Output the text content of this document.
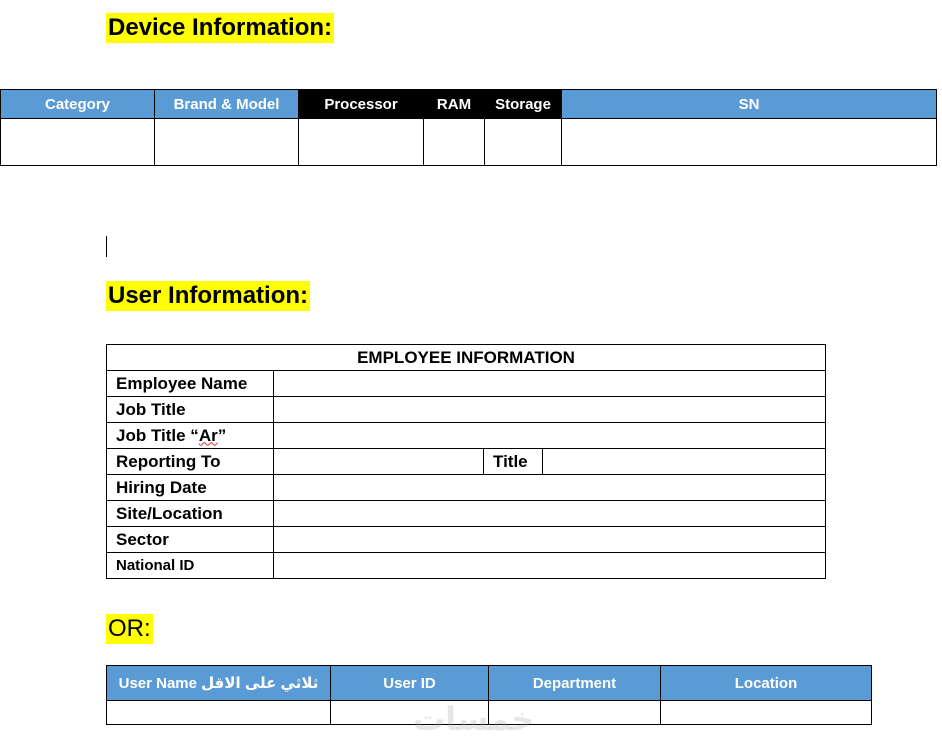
Device Information:
Category	Brand & Model	Processor	RAM	Storage	SN

User Information:
EMPLOYEE INFORMATION			
Employee Name			
Job Title			
Job Title “Ar”			
Reporting To		Title	
Hiring Date			
Site/Location			
Sector			
National ID			
OR:
User Name ثلاثي على الاقل	User ID	Department	Location

خمسات
